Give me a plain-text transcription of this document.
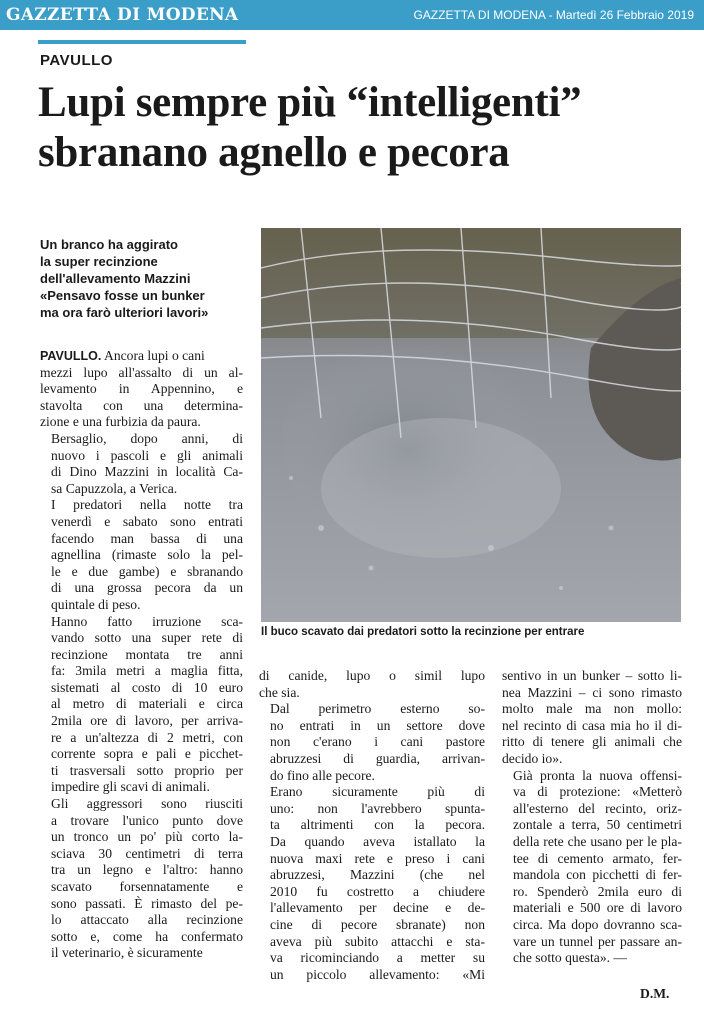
GAZZETTA DI MODENA	GAZZETTA DI MODENA - Martedì 26 Febbraio 2019
PAVULLO
Lupi sempre più “intelligenti”
sbranano agnello e pecora
Un branco ha aggirato
la super recinzione
dell'allevamento Mazzini
«Pensavo fosse un bunker
ma ora farò ulteriori lavori»
Il buco scavato dai predatori sotto la recinzione per entrare

PAVULLO. Ancora lupi o cani
mezzi lupo all'assalto di un al-
levamento in Appennino, e
stavolta con una determina-
zione e una furbizia da paura.

Bersaglio, dopo anni, di
nuovo i pascoli e gli animali
di Dino Mazzini in località Ca-
sa Capuzzola, a Verica.

I predatori nella notte tra
venerdì e sabato sono entrati
facendo man bassa di una
agnellina (rimaste solo la pel-
le e due gambe) e sbranando
di una grossa pecora da un
quintale di peso.

Hanno fatto irruzione sca-
vando sotto una super rete di
recinzione montata tre anni
fa: 3mila metri a maglia fitta,
sistemati al costo di 10 euro
al metro di materiali e circa
2mila ore di lavoro, per arriva-
re a un'altezza di 2 metri, con
corrente sopra e pali e picchet-
ti trasversali sotto proprio per
impedire gli scavi di animali.

Gli aggressori sono riusciti
a trovare l'unico punto dove
un tronco un po' più corto la-
sciava 30 centimetri di terra
tra un legno e l'altro: hanno
scavato forsennatamente e
sono passati. È rimasto del pe-
lo attaccato alla recinzione
sotto e, come ha confermato
il veterinario, è sicuramente

di canide, lupo o simil lupo
che sia.

Dal perimetro esterno so-
no entrati in un settore dove
non c'erano i cani pastore
abruzzesi di guardia, arrivan-
do fino alle pecore.

Erano sicuramente più di
uno: non l'avrebbero spunta-
ta altrimenti con la pecora.
Da quando aveva istallato la
nuova maxi rete e preso i cani
abruzzesi, Mazzini (che nel
2010 fu costretto a chiudere
l'allevamento per decine e de-
cine di pecore sbranate) non
aveva più subito attacchi e sta-
va ricominciando a metter su
un piccolo allevamento: «Mi

sentivo in un bunker – sotto li-
nea Mazzini – ci sono rimasto
molto male ma non mollo:
nel recinto di casa mia ho il di-
ritto di tenere gli animali che
decido io».

Già pronta la nuova offensi-
va di protezione: «Metterò
all'esterno del recinto, oriz-
zontale a terra, 50 centimetri
della rete che usano per le pla-
tee di cemento armato, fer-
mandola con picchetti di fer-
ro. Spenderò 2mila euro di
materiali e 500 ore di lavoro
circa. Ma dopo dovranno sca-
vare un tunnel per passare an-
che sotto questa». —

D.M.
